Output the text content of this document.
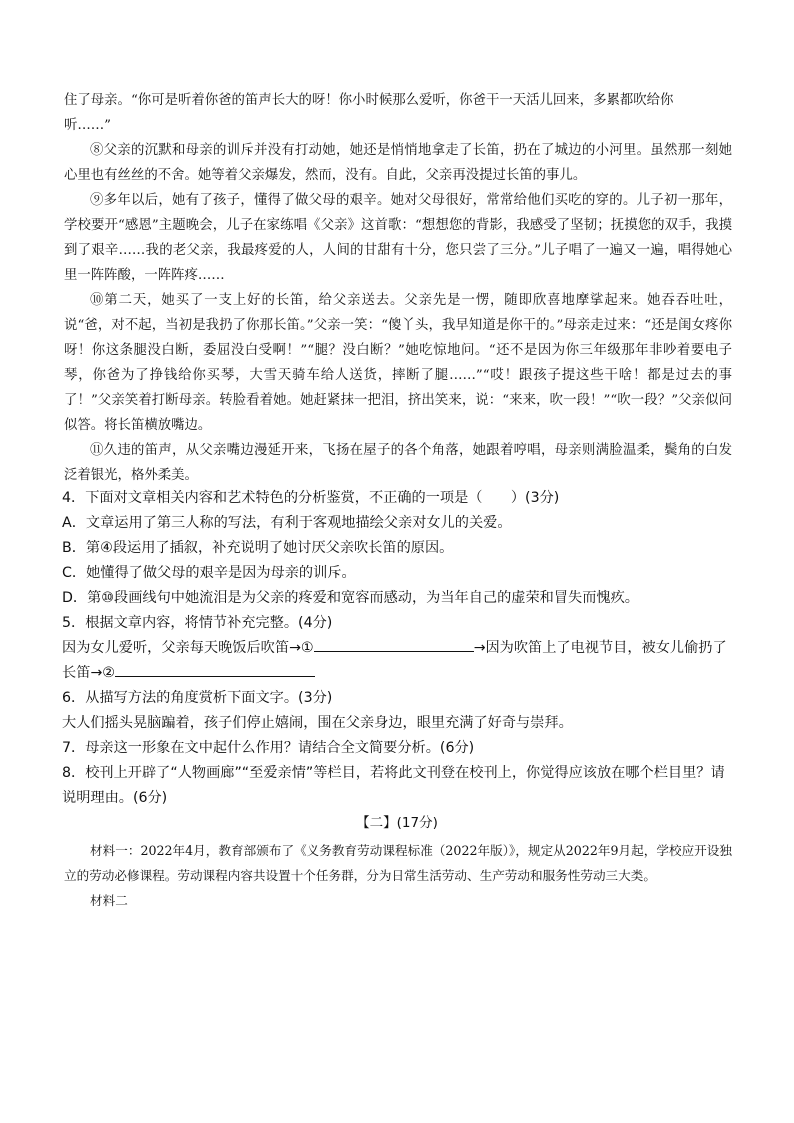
住了母亲。“你可是听着你爸的笛声长大的呀！你小时候那么爱听，你爸干一天活儿回来，多累都吹给你
听……”

⑧父亲的沉默和母亲的训斥并没有打动她，她还是悄悄地拿走了长笛，扔在了城边的小河里。虽然那一刻她心里也有丝丝的不舍。她等着父亲爆发，然而，没有。自此，父亲再没提过长笛的事儿。

⑨多年以后，她有了孩子，懂得了做父母的艰辛。她对父母很好，常常给他们买吃的穿的。儿子初一那年，学校要开“感恩”主题晚会，儿子在家练唱《父亲》这首歌：“想想您的背影，我感受了坚韧；抚摸您的双手，我摸到了艰辛……我的老父亲，我最疼爱的人，人间的甘甜有十分，您只尝了三分。”儿子唱了一遍又一遍，唱得她心里一阵阵酸，一阵阵疼……

⑩第二天，她买了一支上好的长笛，给父亲送去。父亲先是一愣，随即欣喜地摩挲起来。她吞吞吐吐，说“爸，对不起，当初是我扔了你那长笛。”父亲一笑：“傻丫头，我早知道是你干的。”母亲走过来：“还是闺女疼你呀！你这条腿没白断，委屈没白受啊！”“腿？没白断？”她吃惊地问。“还不是因为你三年级那年非吵着要电子琴，你爸为了挣钱给你买琴，大雪天骑车给人送货，摔断了腿……”“哎！跟孩子提这些干啥！都是过去的事了！”父亲笑着打断母亲。转脸看着她。她赶紧抹一把泪，挤出笑来，说：“来来，吹一段！”“吹一段？”父亲似问似答。将长笛横放嘴边。

⑪久违的笛声，从父亲嘴边漫延开来，飞扬在屋子的各个角落，她跟着哼唱，母亲则满脸温柔，鬓角的白发泛着银光，格外柔美。

4．下面对文章相关内容和艺术特色的分析鉴赏，不正确的一项是（　　）(3分)

A．文章运用了第三人称的写法，有利于客观地描绘父亲对女儿的关爱。

B．第④段运用了插叙，补充说明了她讨厌父亲吹长笛的原因。

C．她懂得了做父母的艰辛是因为母亲的训斥。

D．第⑩段画线句中她流泪是为父亲的疼爱和宽容而感动，为当年自己的虚荣和冒失而愧疚。

5．根据文章内容，将情节补充完整。(4分)

因为女儿爱听，父亲每天晚饭后吹笛→①	→因为吹笛上了电视节目，被女儿偷扔了

长笛→②

6．从描写方法的角度赏析下面文字。(3分)

大人们摇头晃脑蹁着，孩子们停止嬉闹，围在父亲身边，眼里充满了好奇与崇拜。

7．母亲这一形象在文中起什么作用？请结合全文简要分析。(6分)

8．校刊上开辟了“人物画廊”“至爱亲情”等栏目，若将此文刊登在校刊上，你觉得应该放在哪个栏目里？请
说明理由。(6分)

【二】(17分)

材料一：2022年4月，教育部颁布了《义务教育劳动课程标准（2022年版）》，规定从2022年9月起，学校应开设独立的劳动必修课程。劳动课程内容共设置十个任务群，分为日常生活劳动、生产劳动和服务性劳动三大类。

材料二
